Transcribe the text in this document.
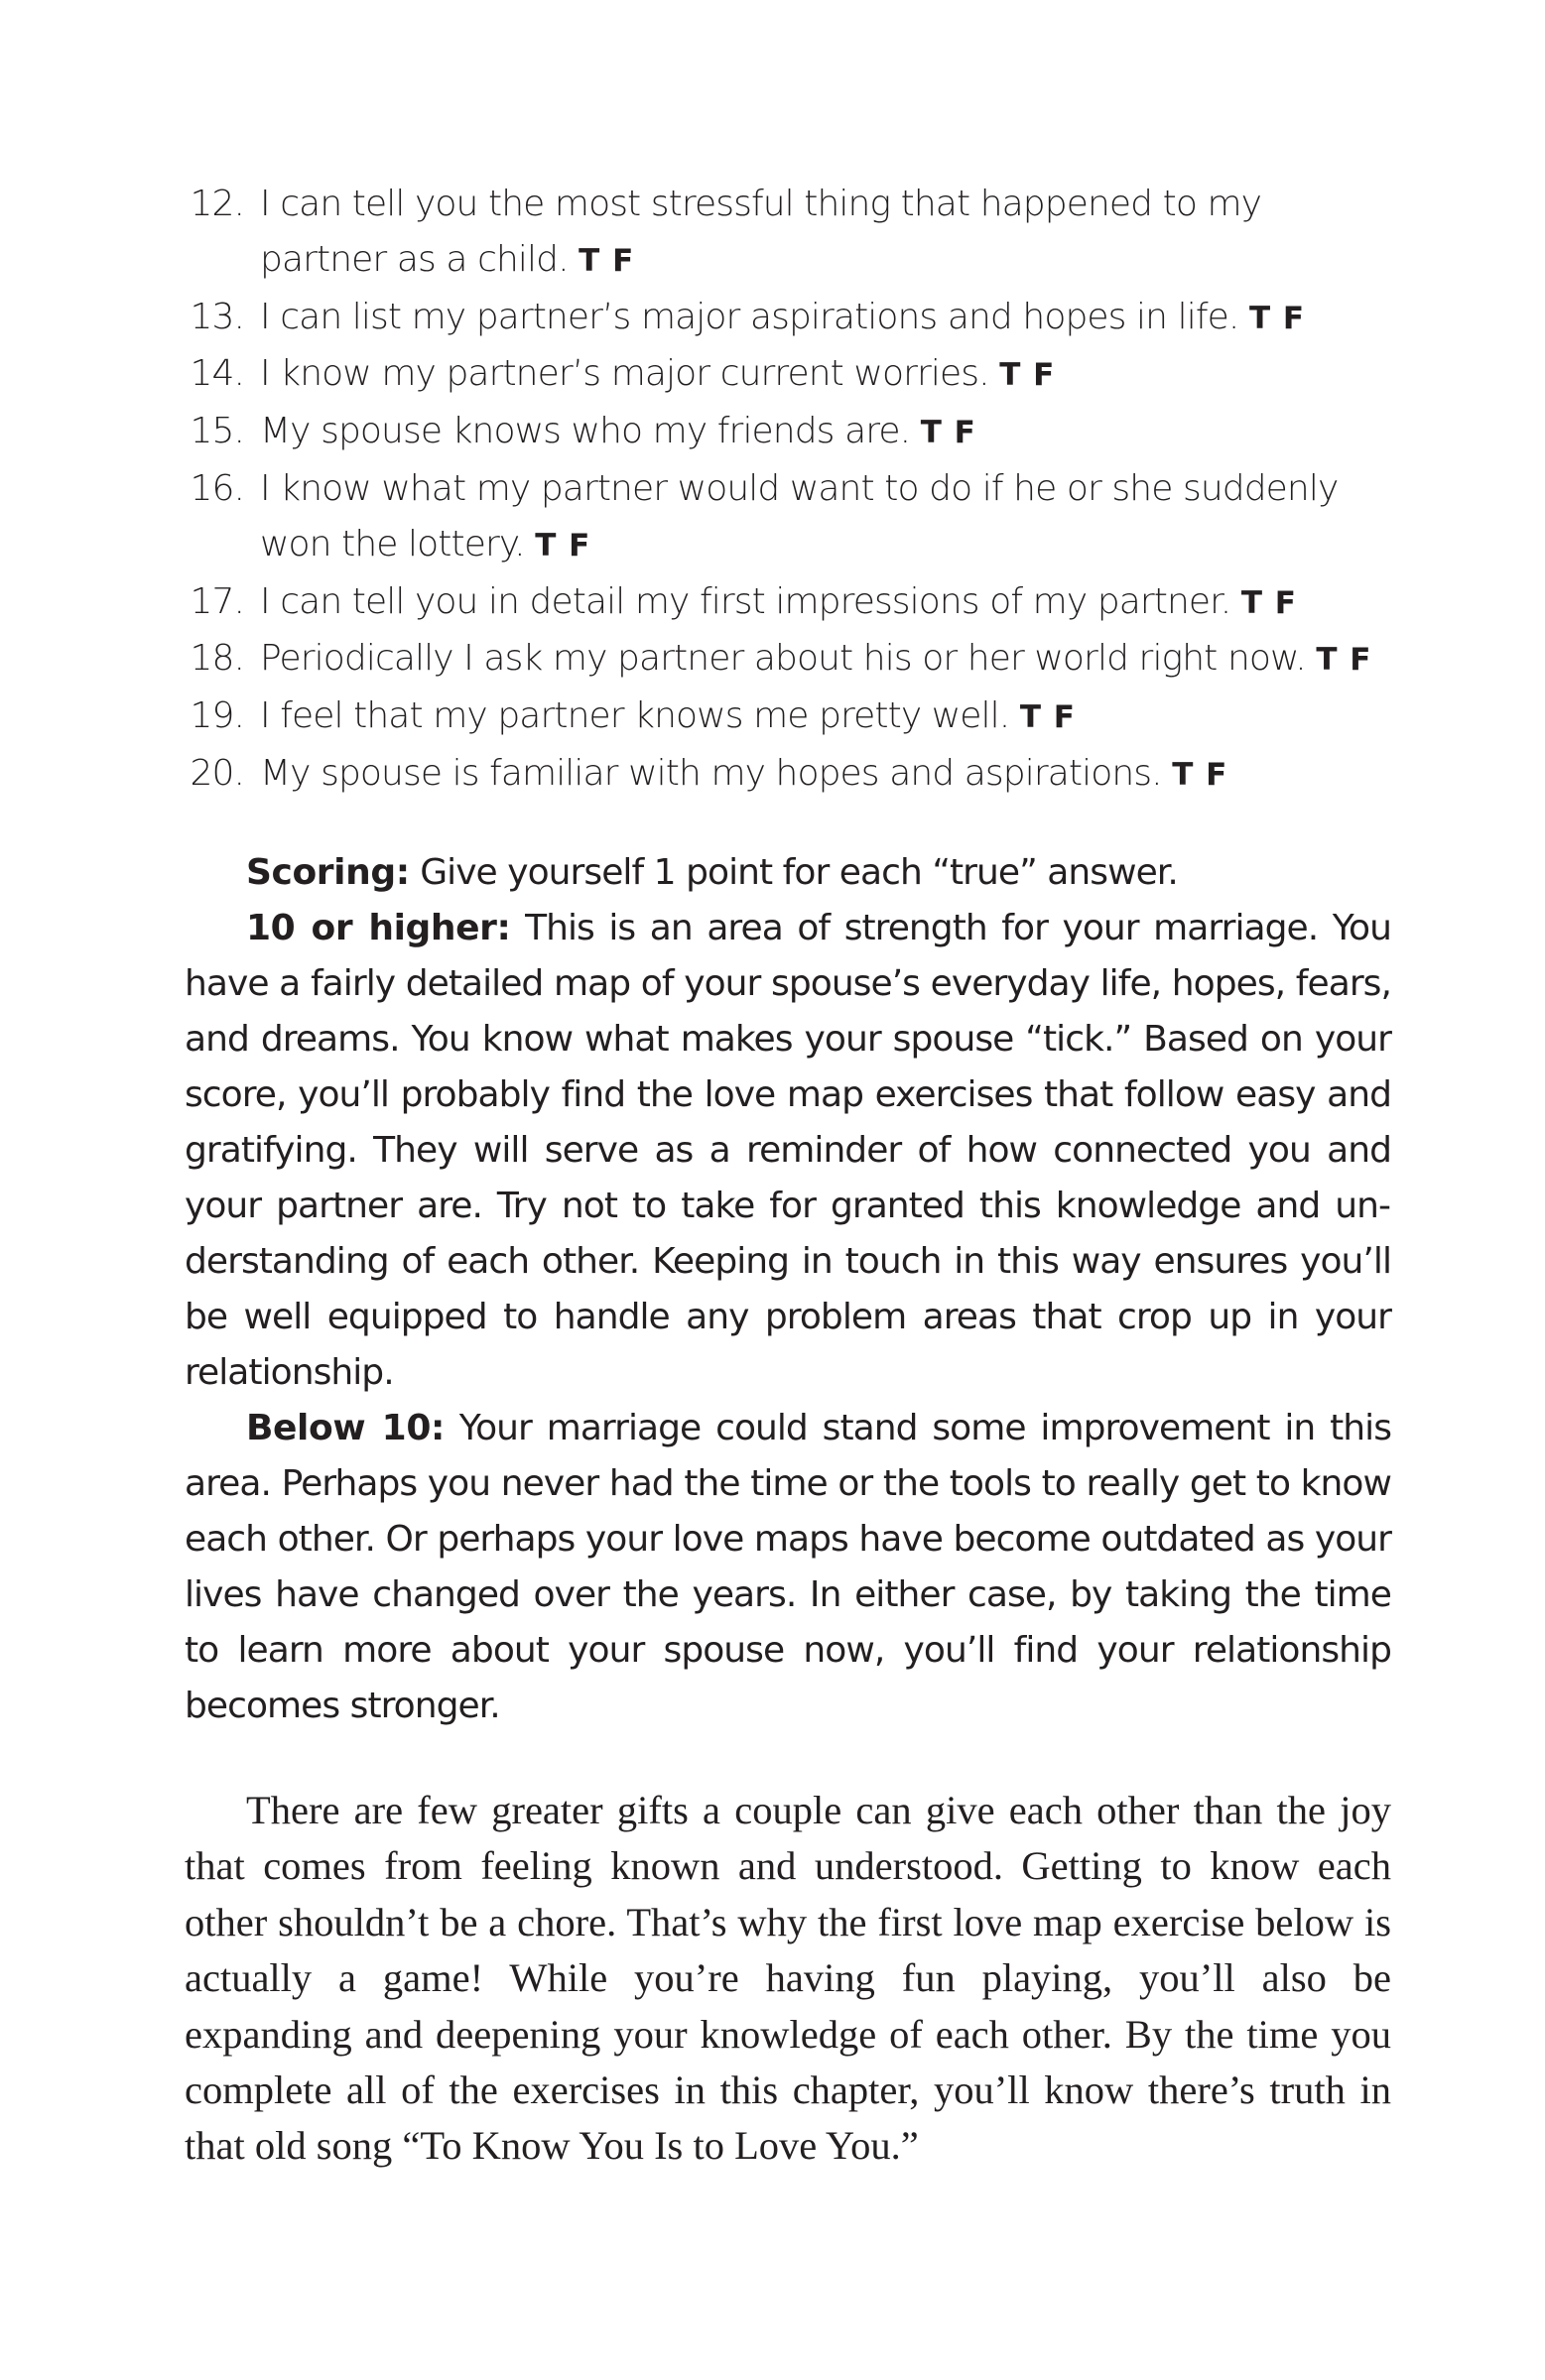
12. I can tell you the most stressful thing that happened to my partner as a child. T F
13. I can list my partner’s major aspirations and hopes in life. T F
14. I know my partner’s major current worries. T F
15. My spouse knows who my friends are. T F
16. I know what my partner would want to do if he or she suddenly won the lottery. T F
17. I can tell you in detail my first impressions of my partner. T F
18. Periodically I ask my partner about his or her world right now. T F
19. I feel that my partner knows me pretty well. T F
20. My spouse is familiar with my hopes and aspirations. T F

Scoring: Give yourself 1 point for each “true” answer.

10 or higher: This is an area of strength for your marriage. You have a fairly detailed map of your spouse’s everyday life, hopes, fears, and dreams. You know what makes your spouse “tick.” Based on your score, you’ll probably find the love map exercises that follow easy and gratifying. They will serve as a reminder of how connected you and your partner are. Try not to take for granted this knowledge and understanding of each other. Keeping in touch in this way ensures you’ll be well equipped to handle any problem areas that crop up in your relationship.

Below 10: Your marriage could stand some improvement in this area. Perhaps you never had the time or the tools to really get to know each other. Or perhaps your love maps have become outdated as your lives have changed over the years. In either case, by taking the time to learn more about your spouse now, you’ll find your relationship becomes stronger.

There are few greater gifts a couple can give each other than the joy that comes from feeling known and understood. Getting to know each other shouldn’t be a chore. That’s why the first love map exercise below is actually a game! While you’re having fun playing, you’ll also be expanding and deepening your knowledge of each other. By the time you complete all of the exercises in this chapter, you’ll know there’s truth in that old song “To Know You Is to Love You.”
